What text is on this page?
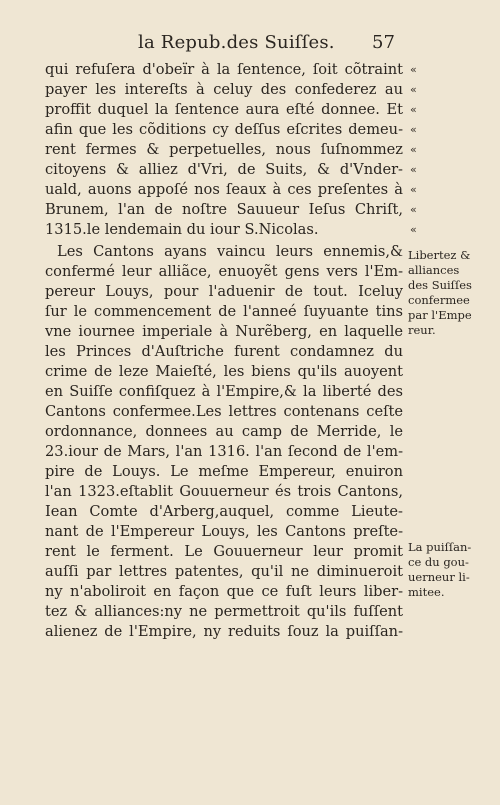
la Repub.des Suiſſes. 57
qui refuſera d'obeïr à la ſentence, ſoit cõtraint
payer les intereſts à celuy des confederez au
proffit duquel la ſentence aura eſté donnee. Et
afin que les cõditions cy deſſus eſcrites demeu-
rent fermes & perpetuelles, nous ſuſnommez
citoyens & alliez d'Vri, de Suits, & d'Vnder-
uald, auons appoſé nos ſeaux à ces preſentes à
Brunem, l'an de noſtre Sauueur Ieſus Chriſt,
1315.le lendemain du iour S.Nicolas.
Les Cantons ayans vaincu leurs ennemis,&
confermé leur alliãce, enuoyẽt gens vers l'Em-
pereur Louys, pour l'aduenir de tout. Iceluy
ſur le commencement de l'anneé ſuyuante tins
vne iournee imperiale à Nurẽberg, en laquelle
les Princes d'Auſtriche furent condamnez du
crime de leze Maieſté, les biens qu'ils auoyent
en Suiſſe confiſquez à l'Empire,& la liberté des
Cantons confermee.Les lettres contenans ceſte
ordonnance, donnees au camp de Merride, le
23.iour de Mars, l'an 1316. l'an ſecond de l'em-
pire de Louys. Le meſme Empereur, enuiron
l'an 1323.eſtablit Gouuerneur és trois Cantons,
Iean Comte d'Arberg,auquel, comme Lieute-
nant de l'Empereur Louys, les Cantons preſte-
rent le ferment. Le Gouuerneur leur promit
auſſi par lettres patentes, qu'il ne diminueroit
ny n'aboliroit en façon que ce fuſt leurs liber-
tez & alliances:ny ne permettroit qu'ils fuſſent
alienez de l'Empire, ny reduits ſouz la puiſſan-
«
«
«
«
«
«
«
«
«
Libertez &
alliances
des Suiſſes
confermee
par l'Empe
reur.
La puiſſan-
ce du gou-
uerneur li-
mitee.
